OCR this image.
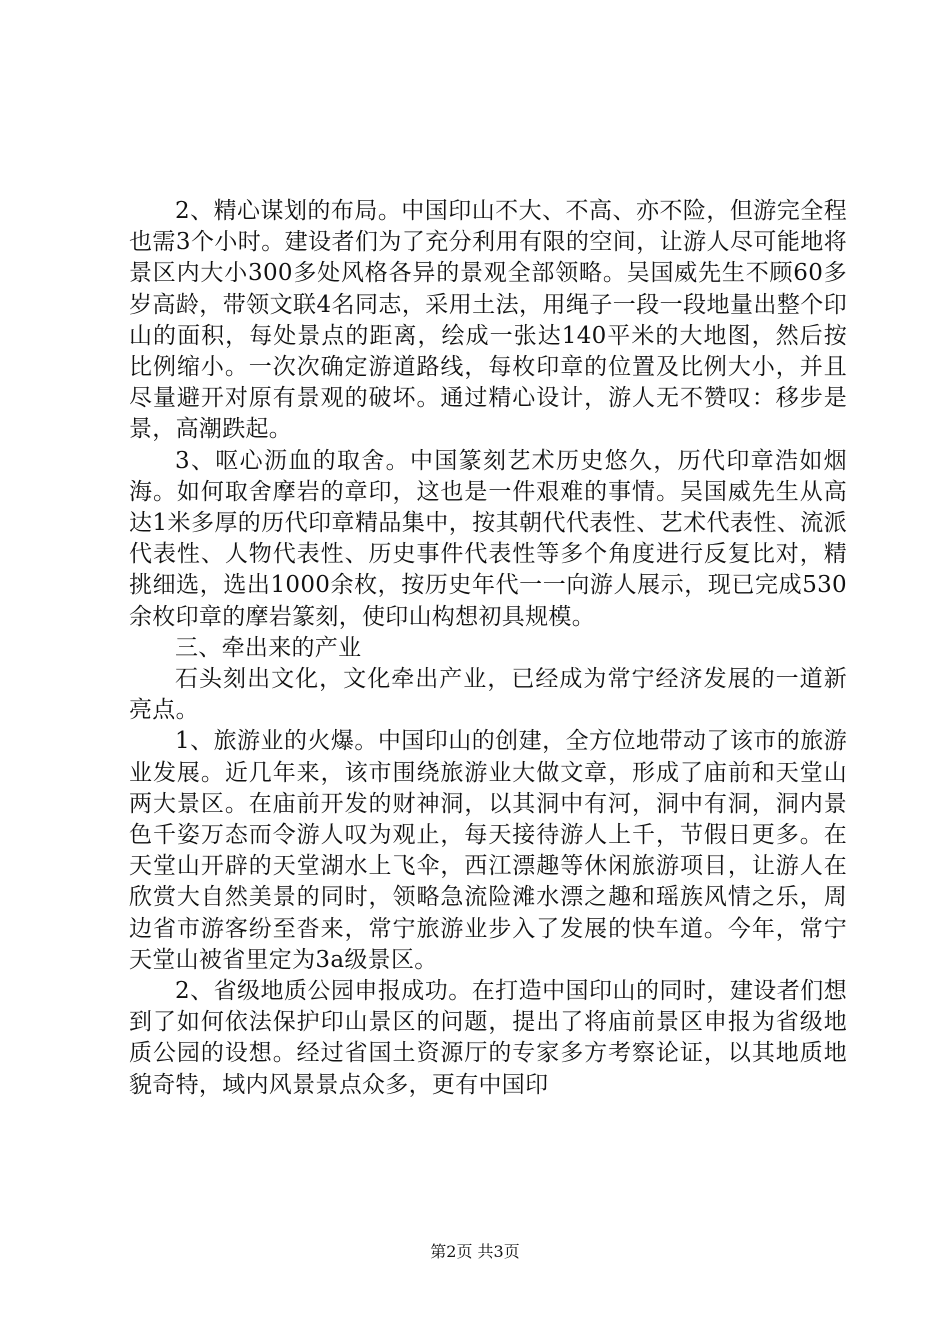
2、精心谋划的布局。中国印山不大、不高、亦不险，但游完全程也需3个小时。建设者们为了充分利用有限的空间，让游人尽可能地将景区内大小300多处风格各异的景观全部领略。吴国威先生不顾60多岁高龄，带领文联4名同志，采用土法，用绳子一段一段地量出整个印山的面积，每处景点的距离，绘成一张达140平米的大地图，然后按比例缩小。一次次确定游道路线，每枚印章的位置及比例大小，并且尽量避开对原有景观的破坏。通过精心设计，游人无不赞叹：移步是景，高潮跌起。

3、呕心沥血的取舍。中国篆刻艺术历史悠久，历代印章浩如烟海。如何取舍摩岩的章印，这也是一件艰难的事情。吴国威先生从高达1米多厚的历代印章精品集中，按其朝代代表性、艺术代表性、流派代表性、人物代表性、历史事件代表性等多个角度进行反复比对，精挑细选，选出1000余枚，按历史年代一一向游人展示，现已完成530余枚印章的摩岩篆刻，使印山构想初具规模。

三、牵出来的产业

石头刻出文化，文化牵出产业，已经成为常宁经济发展的一道新亮点。

1、旅游业的火爆。中国印山的创建，全方位地带动了该市的旅游业发展。近几年来，该市围绕旅游业大做文章，形成了庙前和天堂山两大景区。在庙前开发的财神洞，以其洞中有河，洞中有洞，洞内景色千姿万态而令游人叹为观止，每天接待游人上千，节假日更多。在天堂山开辟的天堂湖水上飞伞，西江漂趣等休闲旅游项目，让游人在欣赏大自然美景的同时，领略急流险滩水漂之趣和瑶族风情之乐，周边省市游客纷至沓来，常宁旅游业步入了发展的快车道。今年，常宁天堂山被省里定为3a级景区。

2、省级地质公园申报成功。在打造中国印山的同时，建设者们想到了如何依法保护印山景区的问题，提出了将庙前景区申报为省级地质公园的设想。经过省国土资源厅的专家多方考察论证，以其地质地貌奇特，域内风景景点众多，更有中国印

第2页 共3页
